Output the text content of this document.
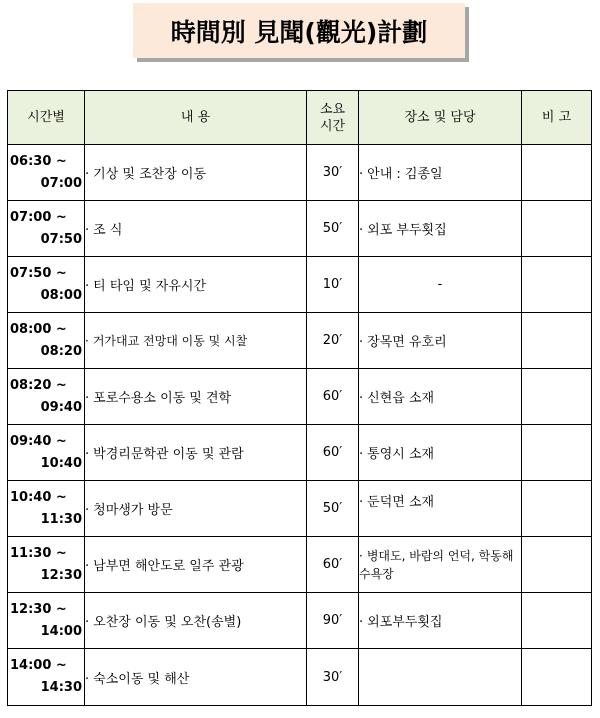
時間別 見聞(觀光)計劃
시간별	내 용	소요 시간	장소 및 담당	비 고

06:30 ~
07:00	· 기상 및 조찬장 이동	30′	· 안내 : 김종일	

07:00 ~
07:50	· 조 식	50′	· 외포 부두횟집	

07:50 ~
08:00	· 티 타임 및 자유시간	10′	-	

08:00 ~
08:20	· 거가대교 전망대 이동 및 시찰	20′	· 장목면 유호리	

08:20 ~
09:40	· 포로수용소 이동 및 견학	60′	· 신현읍 소재	

09:40 ~
10:40	· 박경리문학관 이동 및 관람	60′	· 통영시 소재	

10:40 ~
11:30	· 청마생가 방문	50′	· 둔덕면 소재	

11:30 ~
12:30	· 남부면 해안도로 일주 관광	60′	· 병대도, 바람의 언덕, 학동해수욕장	

12:30 ~
14:00	· 오찬장 이동 및 오찬(송별)	90′	· 외포부두횟집	

14:00 ~
14:30	· 숙소이동 및 해산	30′		
